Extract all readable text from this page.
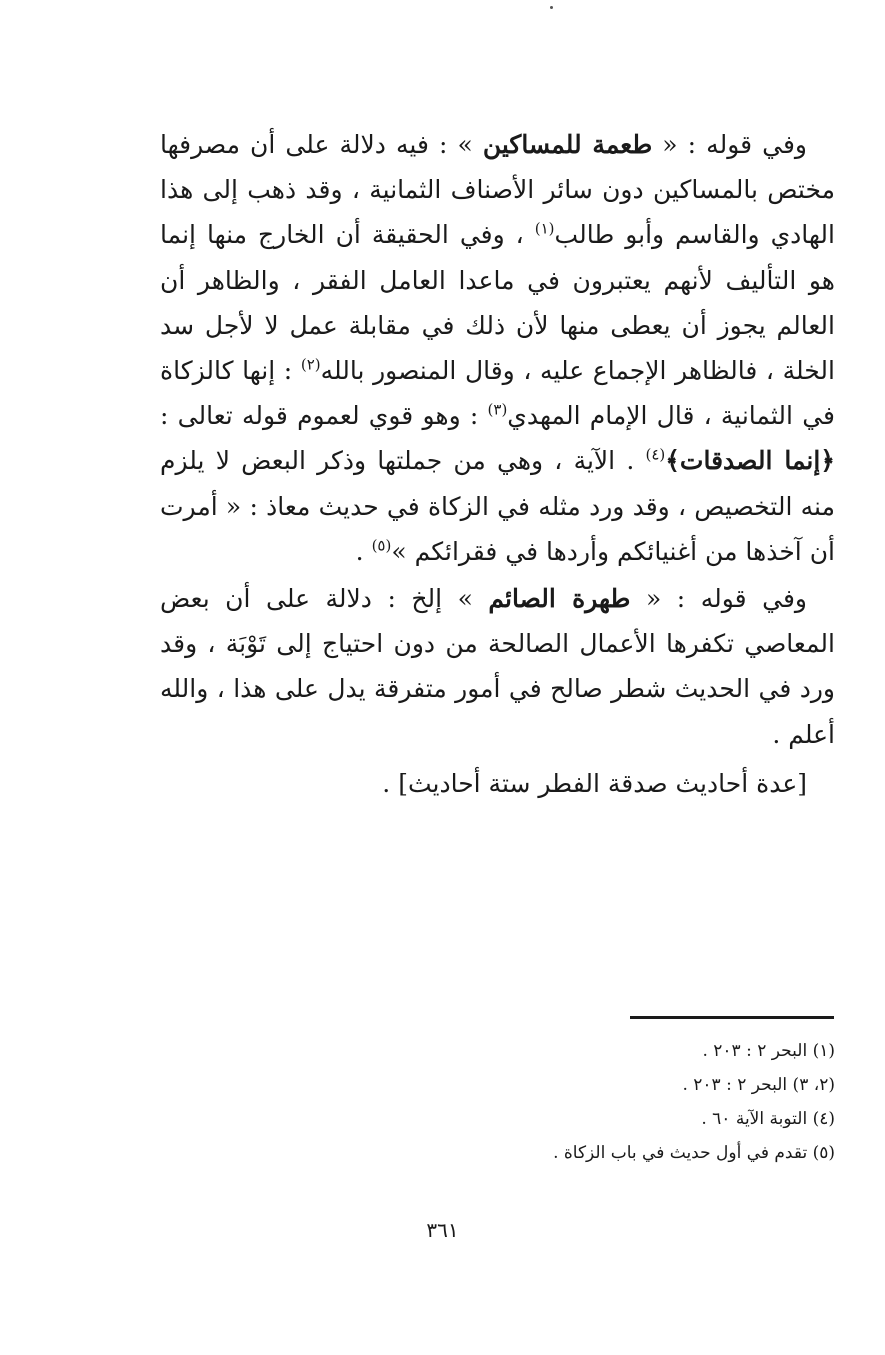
وفي قوله : « طعمة للمساكين » : فيه دلالة على أن مصرفها مختص بالمساكين دون سائر الأصناف الثمانية ، وقد ذهب إلى هذا الهادي والقاسم وأبو طالب$^{(١)}$ ، وفي الحقيقة أن الخارج منها إنما هو التأليف لأنهم يعتبرون في ماعدا العامل الفقر ، والظاهر أن العالم يجوز أن يعطى منها لأن ذلك في مقابلة عمل لا لأجل سد الخلة ، فالظاهر الإجماع عليه ، وقال المنصور بالله$^{(٢)}$ : إنها كالزكاة في الثمانية ، قال الإمام المهدي$^{(٣)}$ : وهو قوي لعموم قوله تعالى : ﴿إنما الصدقات﴾$^{(٤)}$ . الآية ، وهي من جملتها وذكر البعض لا يلزم منه التخصيص ، وقد ورد مثله في الزكاة في حديث معاذ : « أمرت أن آخذها من أغنيائكم وأردها في فقرائكم »$^{(٥)}$ .

وفي قوله : « طهرة الصائم » إلخ : دلالة على أن بعض المعاصي تكفرها الأعمال الصالحة من دون احتياج إلى تَوْبَة ، وقد ورد في الحديث شطر صالح في أمور متفرقة يدل على هذا ، والله أعلم .

[عدة أحاديث صدقة الفطر ستة أحاديث] .

(١) البحر ٢ : ٢٠٣ .
(٢، ٣) البحر ٢ : ٢٠٣ .
(٤) التوبة الآية ٦٠ .
(٥) تقدم في أول حديث في باب الزكاة .
٣٦١
